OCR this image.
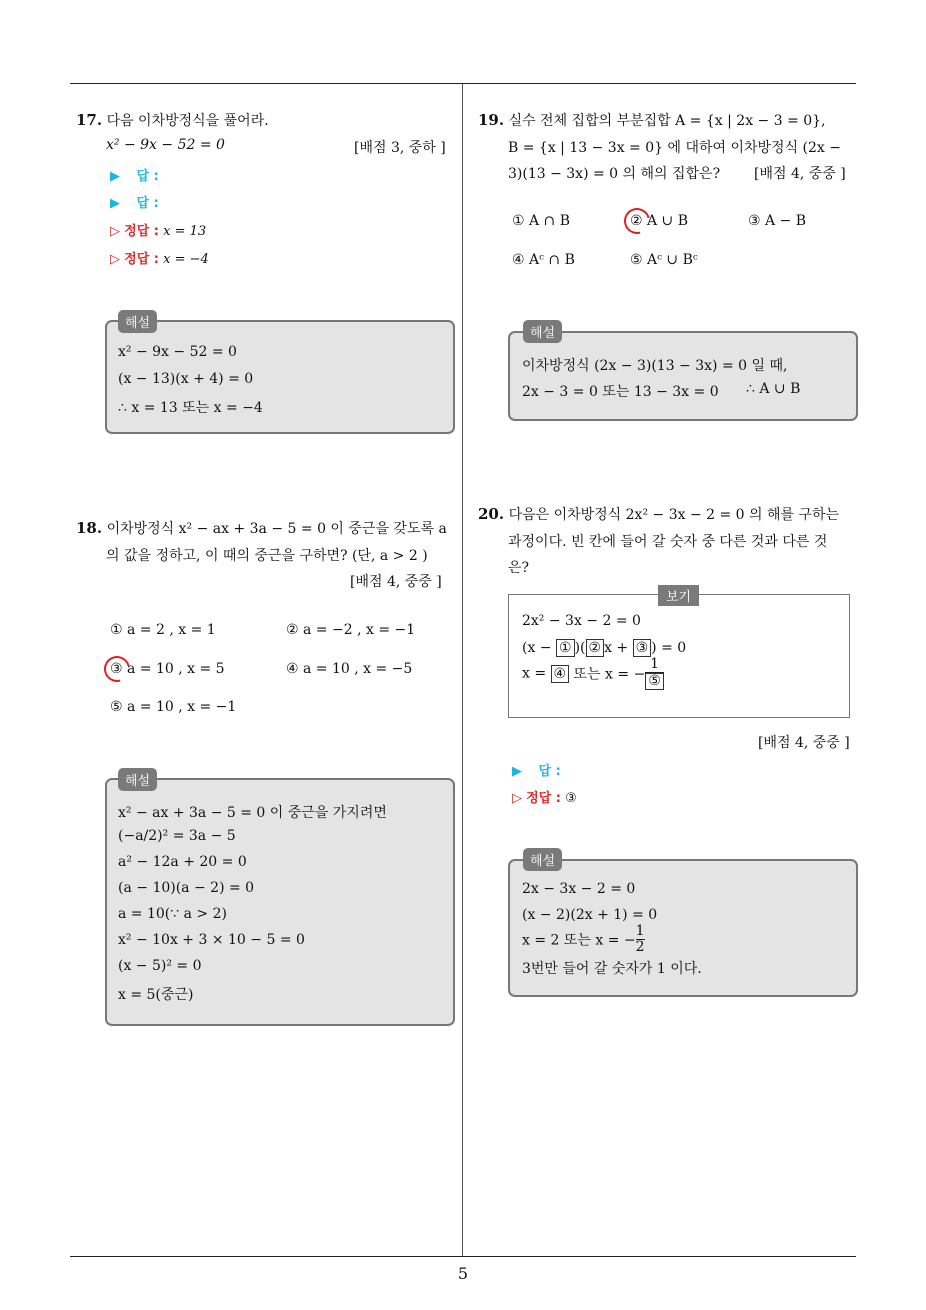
17. 다음 이차방정식을 풀어라.
x² − 9x − 52 = 0	[배점 3, 중하 ]
▶ 답 :
▶ 답 :
▷ 정답 : x = 13
▷ 정답 : x = −4
해설
x² − 9x − 52 = 0
(x − 13)(x + 4) = 0
∴ x = 13 또는 x = −4
18. 이차방정식 x² − ax + 3a − 5 = 0 이 중근을 갖도록 a
의 값을 정하고, 이 때의 중근을 구하면? (단, a > 2 )
[배점 4, 중중 ]
① a = 2 , x = 1	② a = −2 , x = −1
③ a = 10 , x = 5	④ a = 10 , x = −5
⑤ a = 10 , x = −1
해설
x² − ax + 3a − 5 = 0 이 중근을 가지려면
(−a/2)² = 3a − 5
a² − 12a + 20 = 0
(a − 10)(a − 2) = 0
a = 10(∵ a > 2)
x² − 10x + 3 × 10 − 5 = 0
(x − 5)² = 0
x = 5(중근)
19. 실수 전체 집합의 부분집합 A = {x | 2x − 3 = 0},
B = {x | 13 − 3x = 0} 에 대하여 이차방정식 (2x −
3)(13 − 3x) = 0 의 해의 집합은? [배점 4, 중중 ]
① A ∩ B	② A ∪ B	③ A − B
④ Aᶜ ∩ B	⑤ Aᶜ ∪ Bᶜ
해설
이차방정식 (2x − 3)(13 − 3x) = 0 일 때,
2x − 3 = 0 또는 13 − 3x = 0 ∴ A ∪ B
20. 다음은 이차방정식 2x² − 3x − 2 = 0 의 해를 구하는
과정이다. 빈 칸에 들어 갈 숫자 중 다른 것과 다른 것
은?
보기
2x² − 3x − 2 = 0
(x − ① )( ② x + ③ ) = 0
x = ④ 또는 x = − $\frac{1}{\text{⑤}}$
[배점 4, 중중 ]
▶ 답 :
▷ 정답 : ③
해설
2x − 3x − 2 = 0
(x − 2)(2x + 1) = 0
x = 2 또는 x = − $\frac{1}{2}$
3번만 들어 갈 숫자가 1 이다.
5
